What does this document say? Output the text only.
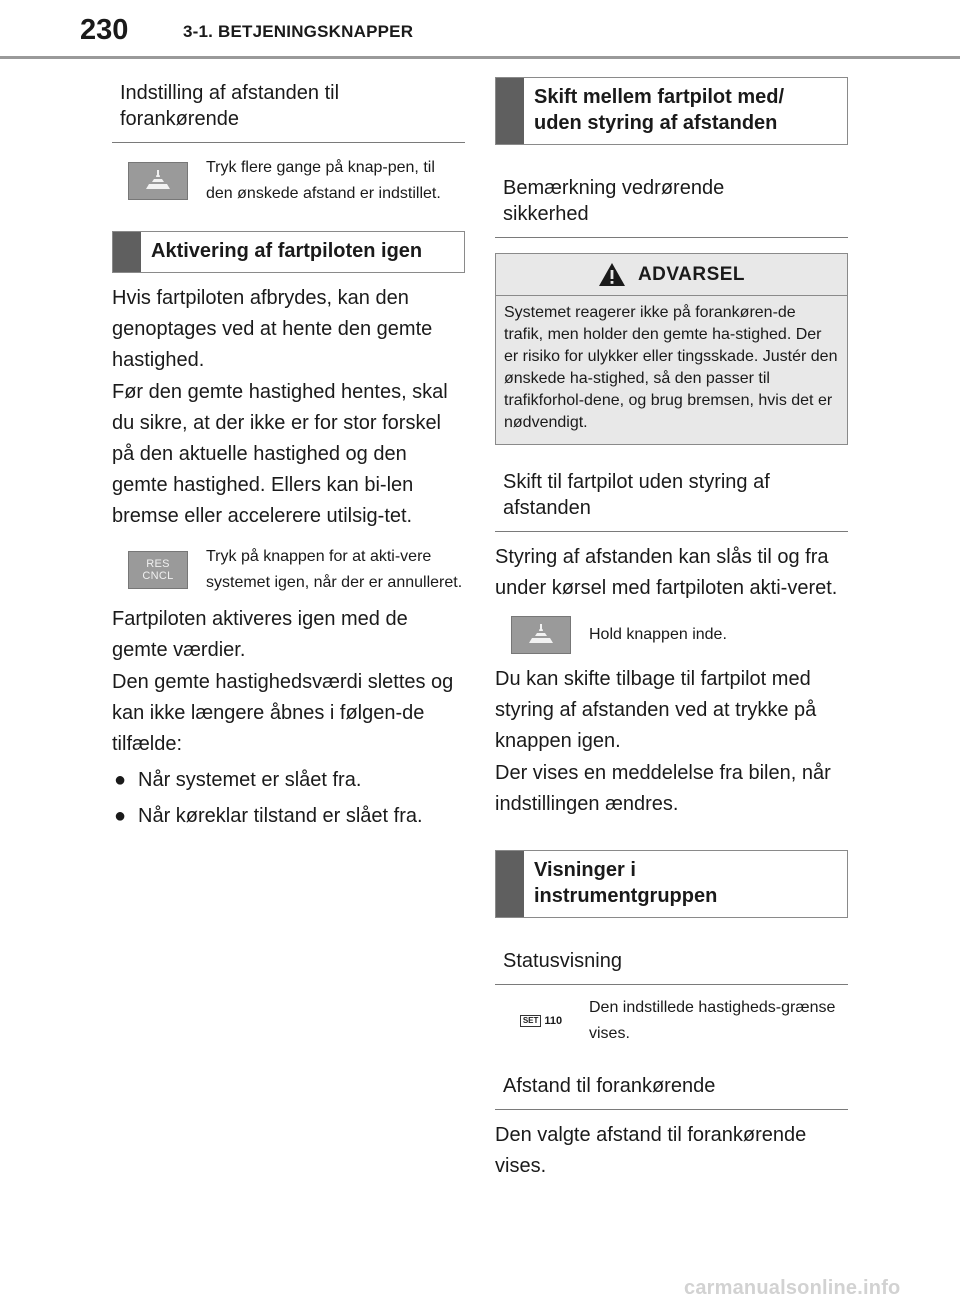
230	3-1. BETJENINGSKNAPPER
Indstilling af afstanden til forankørende
Tryk flere gange på knap-pen, til den ønskede afstand er indstillet.
Aktivering af fartpiloten igen
Hvis fartpiloten afbrydes, kan den genoptages ved at hente den gemte hastighed.
Før den gemte hastighed hentes, skal du sikre, at der ikke er for stor forskel på den aktuelle hastighed og den gemte hastighed. Ellers kan bi-len bremse eller accelerere utilsig-tet.
RES
CNCL
Tryk på knappen for at akti-vere systemet igen, når der er annulleret.
Fartpiloten aktiveres igen med de gemte værdier.
Den gemte hastighedsværdi slettes og kan ikke længere åbnes i følgen-de tilfælde:
● Når systemet er slået fra.
● Når køreklar tilstand er slået fra.
Skift mellem fartpilot med/ uden styring af afstanden
Bemærkning vedrørende sikkerhed
ADVARSEL
Systemet reagerer ikke på forankøren-de trafik, men holder den gemte ha-stighed. Der er risiko for ulykker eller tingsskade. Justér den ønskede ha-stighed, så den passer til trafikforhol-dene, og brug bremsen, hvis det er nødvendigt.
Skift til fartpilot uden styring af afstanden
Styring af afstanden kan slås til og fra under kørsel med fartpiloten akti-veret.
Hold knappen inde.
Du kan skifte tilbage til fartpilot med styring af afstanden ved at trykke på knappen igen.
Der vises en meddelelse fra bilen, når indstillingen ændres.
Visninger i instrumentgruppen
Statusvisning
SET 110
Den indstillede hastigheds-grænse vises.
Afstand til forankørende
Den valgte afstand til forankørende vises.
carmanualsonline.info
